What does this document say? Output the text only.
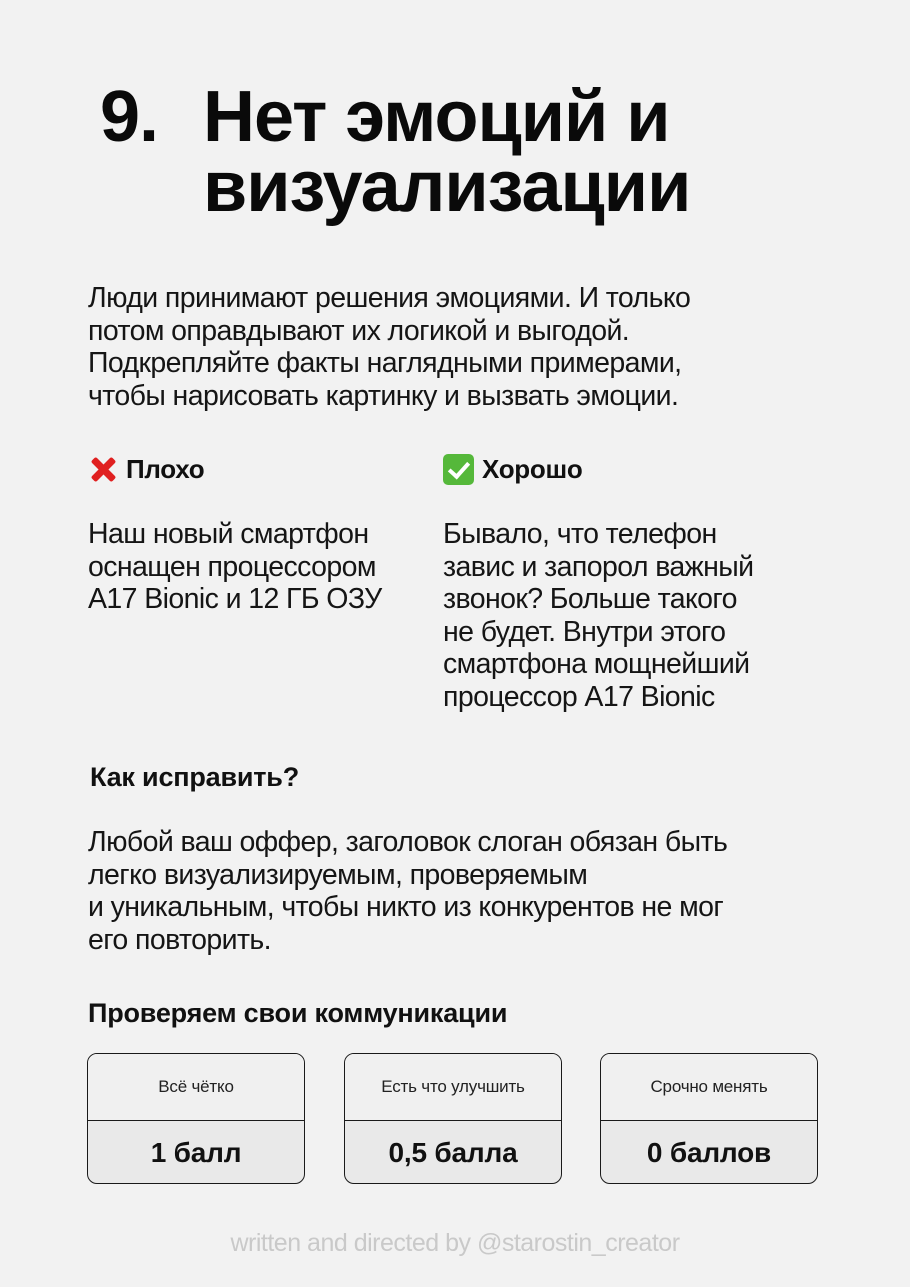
9. Нет эмоций и
визуализации
Люди принимают решения эмоциями. И только
потом оправдывают их логикой и выгодой.
Подкрепляйте факты наглядными примерами,
чтобы нарисовать картинку и вызвать эмоции.
Плохо
Наш новый смартфон
оснащен процессором
A17 Bionic и 12 ГБ ОЗУ
Хорошо
Бывало, что телефон
завис и запорол важный
звонок? Больше такого
не будет. Внутри этого
смартфона мощнейший
процессор A17 Bionic
Как исправить?
Любой ваш оффер, заголовок слоган обязан быть
легко визуализируемым, проверяемым
и уникальным, чтобы никто из конкурентов не мог
его повторить.
Проверяем свои коммуникации
Всё чётко
1 балл
Есть что улучшить
0,5 балла
Срочно менять
0 баллов
written and directed by @starostin_creator
